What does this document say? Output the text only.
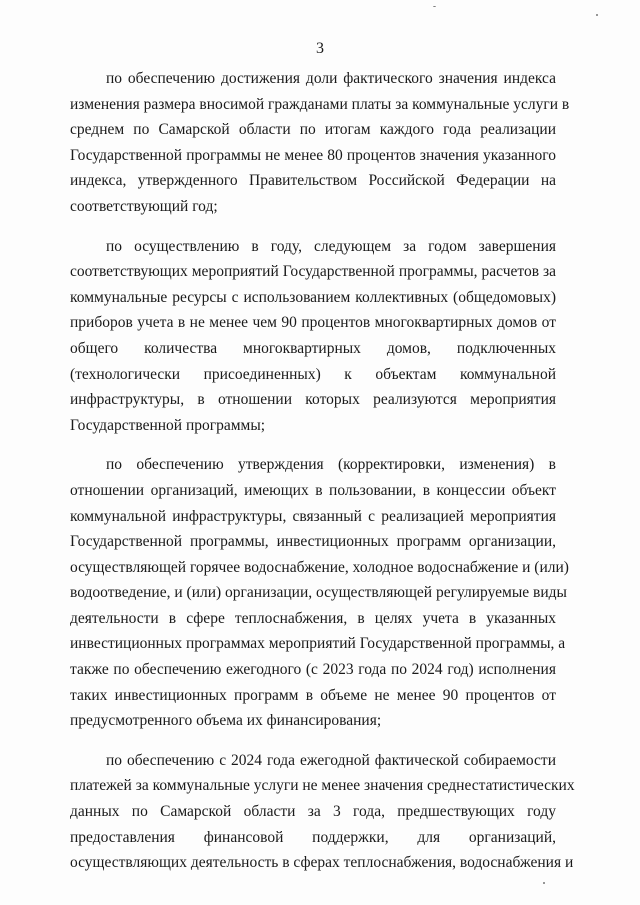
3

по обеспечению достижения доли фактического значения индекса
изменения размера вносимой гражданами платы за коммунальные услуги в
среднем по Самарской области по итогам каждого года реализации
Государственной программы не менее 80 процентов значения указанного
индекса, утвержденного Правительством Российской Федерации на
соответствующий год;

по осуществлению в году, следующем за годом завершения
соответствующих мероприятий Государственной программы, расчетов за
коммунальные ресурсы с использованием коллективных (общедомовых)
приборов учета в не менее чем 90 процентов многоквартирных домов от
общего количества многоквартирных домов, подключенных
(технологически присоединенных) к объектам коммунальной
инфраструктуры, в отношении которых реализуются мероприятия
Государственной программы;

по обеспечению утверждения (корректировки, изменения) в
отношении организаций, имеющих в пользовании, в концессии объект
коммунальной инфраструктуры, связанный с реализацией мероприятия
Государственной программы, инвестиционных программ организации,
осуществляющей горячее водоснабжение, холодное водоснабжение и (или)
водоотведение, и (или) организации, осуществляющей регулируемые виды
деятельности в сфере теплоснабжения, в целях учета в указанных
инвестиционных программах мероприятий Государственной программы, а
также по обеспечению ежегодного (с 2023 года по 2024 год) исполнения
таких инвестиционных программ в объеме не менее 90 процентов от
предусмотренного объема их финансирования;

по обеспечению с 2024 года ежегодной фактической собираемости
платежей за коммунальные услуги не менее значения среднестатистических
данных по Самарской области за 3 года, предшествующих году
предоставления финансовой поддержки, для организаций,
осуществляющих деятельность в сферах теплоснабжения, водоснабжения и
